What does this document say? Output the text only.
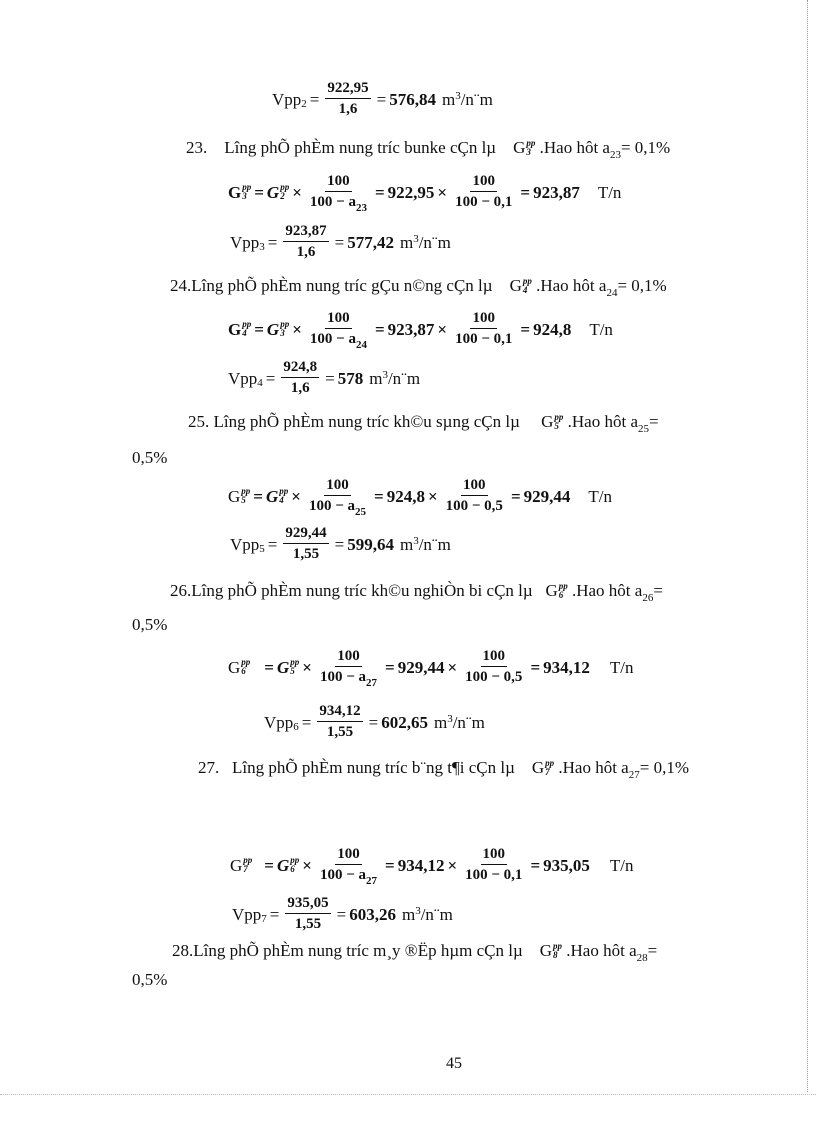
Vpp $2 = \frac{922,95}{1,6} = 576,84$ $m^3/n¨m$
23. Lîng phÕ phÈm nung tríc bunke cÇn lµ G pp
3 .Hao hôt $a_{23}= 0,1\%$
G pp
3 = G pp
$2 \times \frac{100}{100 - a_{23}} = 922,95 \times \frac{100}{100 - 0,1} = 923,87$ T/n
Vpp $3 = \frac{923,87}{1,6} = 577,42$ $m^3/n¨m$
24.Lîng phÕ phÈm nung tríc gÇu n©ng cÇn lµ G pp
4 .Hao hôt $a_{24}= 0,1\%$
G pp
4 = G pp
$3 \times \frac{100}{100 - a_{24}} = 923,87 \times \frac{100}{100 - 0,1} = 924,8$ T/n
Vpp $4 = \frac{924,8}{1,6} = 578$ $m^3/n¨m$
25. Lîng phÕ phÈm nung tríc kh©u sµng cÇn lµ G pp
5 .Hao hôt $a_{25}=$
0,5%
G pp
5 = G pp
$4 \times \frac{100}{100 - a_{25}} = 924,8 \times \frac{100}{100 - 0,5} = 929,44$ T/n
Vpp $5 = \frac{929,44}{1,55} = 599,64$ $m^3/n¨m$
26.Lîng phÕ phÈm nung tríc kh©u nghiÒn bi cÇn lµ G pp
6 .Hao hôt $a_{26}=$
0,5%
G pp
6 = G pp
$5 \times \frac{100}{100 - a_{27}} = 929,44 \times \frac{100}{100 - 0,5} = 934,12$ T/n
Vpp $6 = \frac{934,12}{1,55} = 602,65$ $m^3/n¨m$
27. Lîng phÕ phÈm nung tríc b¨ng t¶i cÇn lµ G pp
7 .Hao hôt $a_{27}= 0,1\%$
G pp
7 = G pp
$6 \times \frac{100}{100 - a_{27}} = 934,12 \times \frac{100}{100 - 0,1} = 935,05$ T/n
Vpp $7 = \frac{935,05}{1,55} = 603,26$ $m^3/n¨m$
28.Lîng phÕ phÈm nung tríc m¸y ®Ëp hµm cÇn lµ G pp
8 .Hao hôt $a_{28}=$
0,5%
45
